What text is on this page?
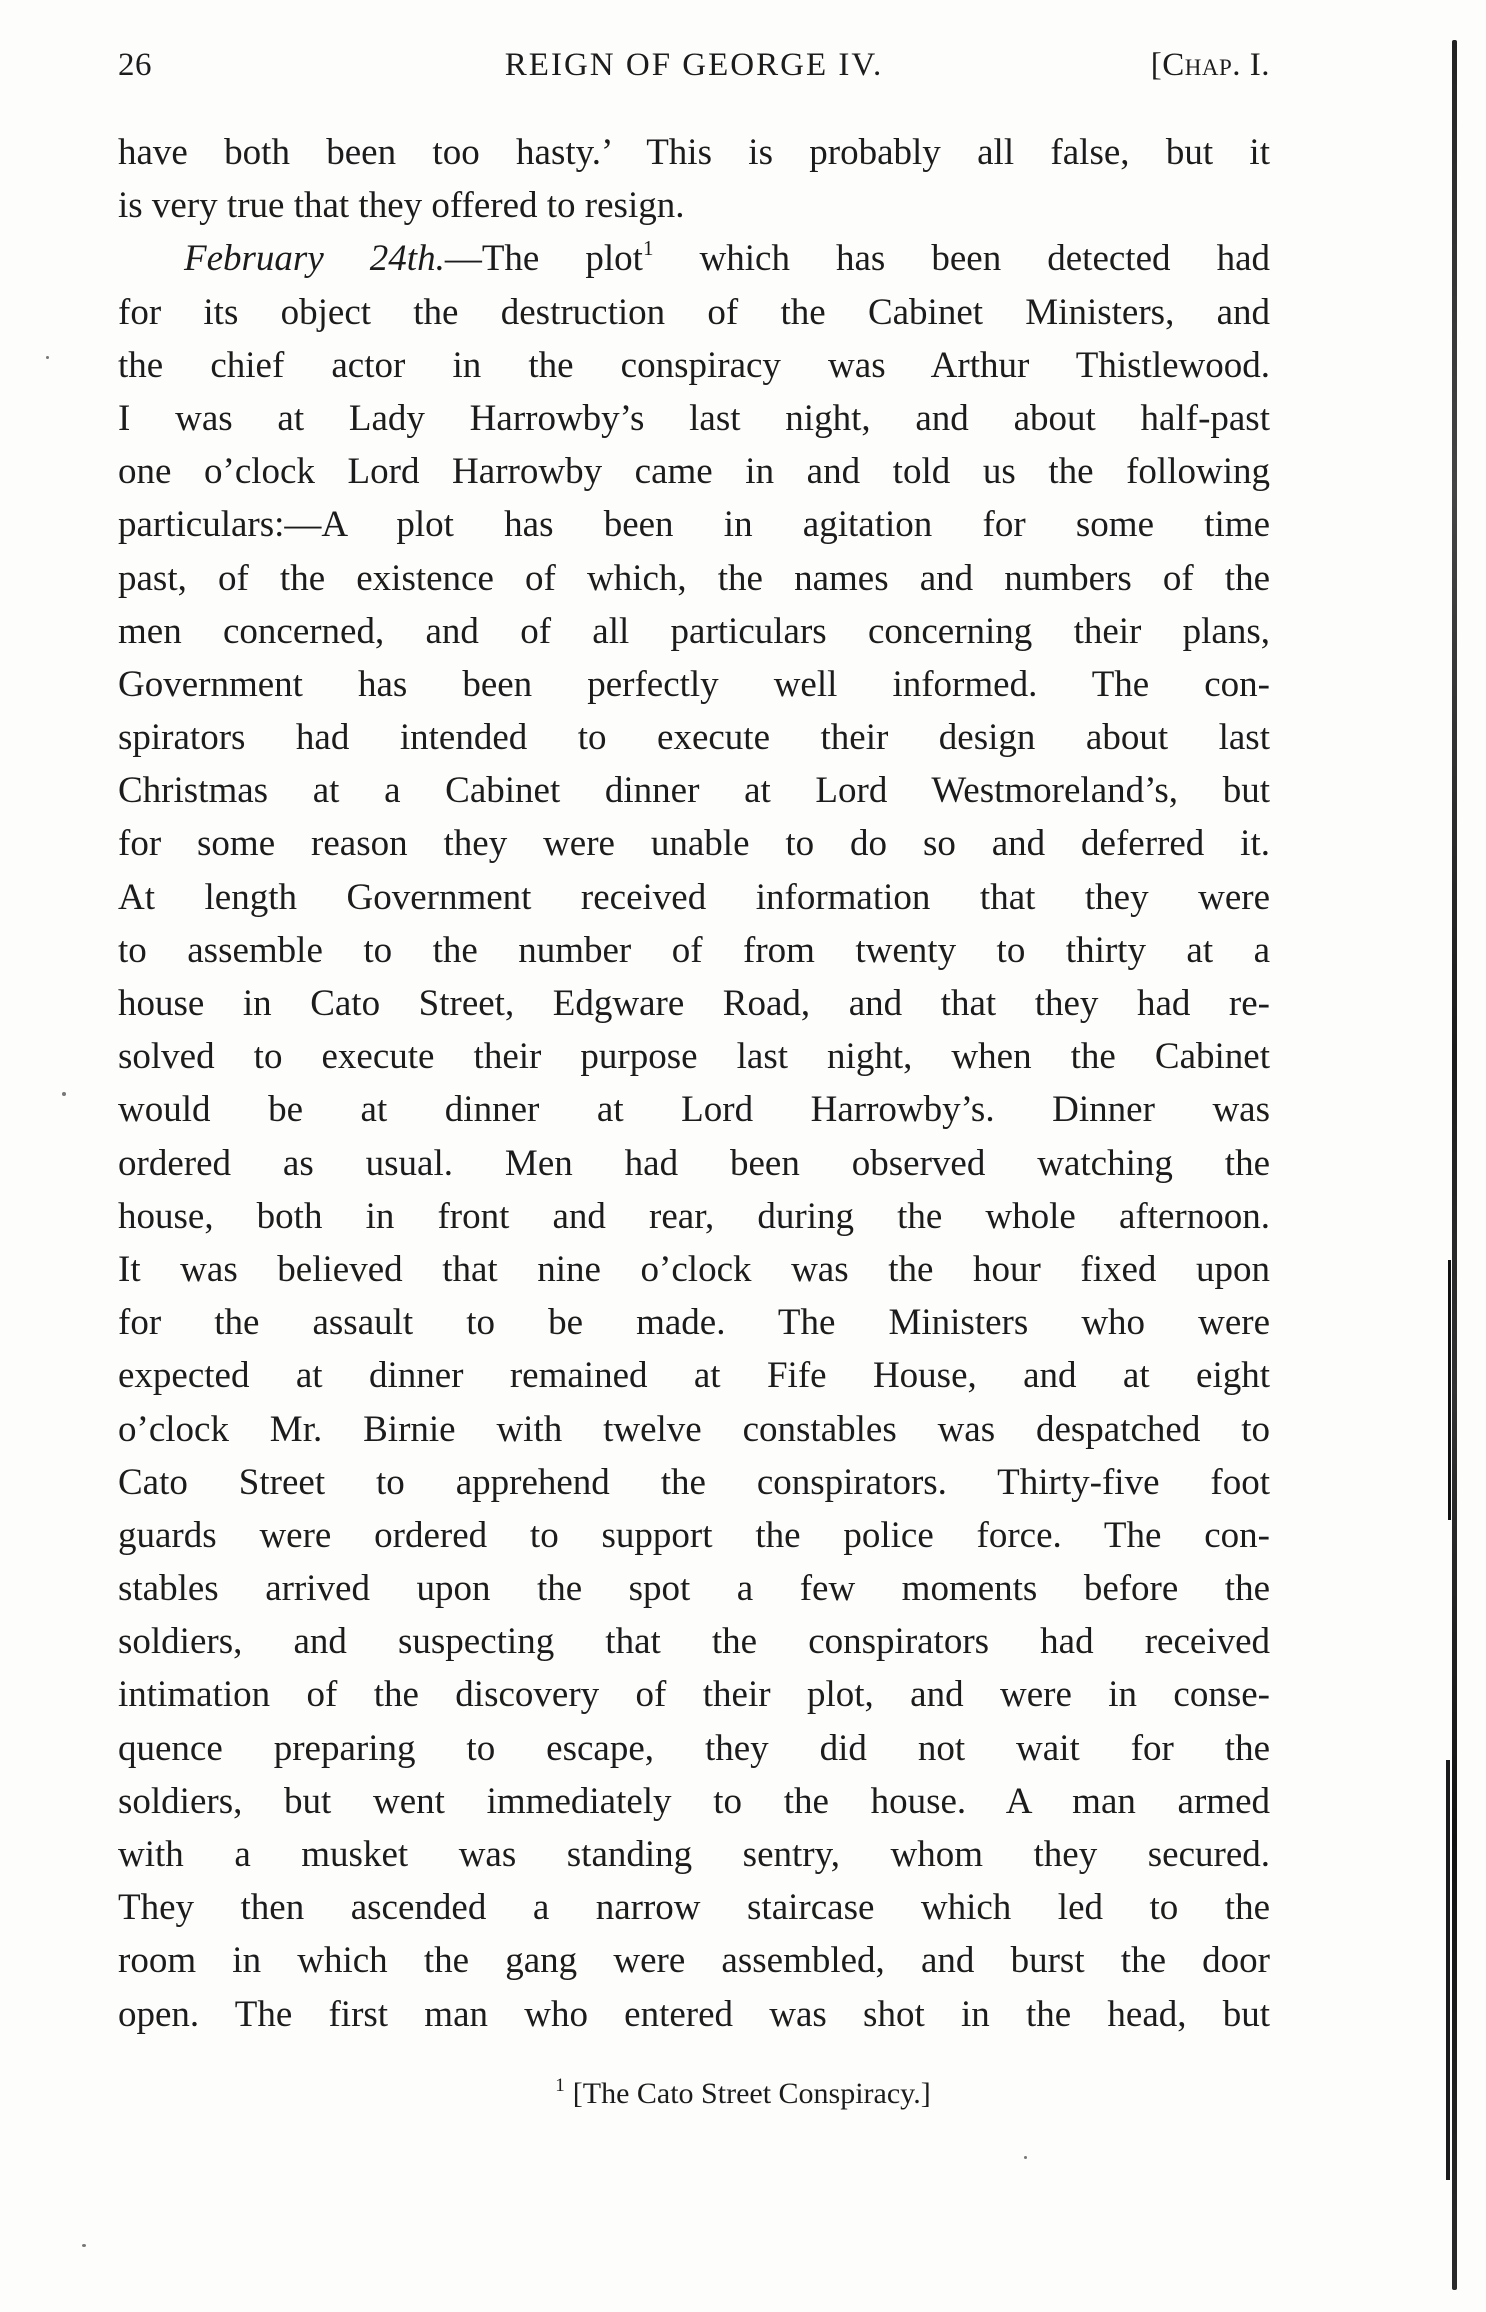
26	REIGN OF GEORGE IV.	[Chap. I.
have both been too hasty.’ This is probably all false, but it
is very true that they offered to resign.
February 24th.—The plot$^1$ which has been detected had
for its object the destruction of the Cabinet Ministers, and
the chief actor in the conspiracy was Arthur Thistlewood.
I was at Lady Harrowby’s last night, and about half-past
one o’clock Lord Harrowby came in and told us the following
particulars:—A plot has been in agitation for some time
past, of the existence of which, the names and numbers of the
men concerned, and of all particulars concerning their plans,
Government has been perfectly well informed. The con-
spirators had intended to execute their design about last
Christmas at a Cabinet dinner at Lord Westmoreland’s, but
for some reason they were unable to do so and deferred it.
At length Government received information that they were
to assemble to the number of from twenty to thirty at a
house in Cato Street, Edgware Road, and that they had re-
solved to execute their purpose last night, when the Cabinet
would be at dinner at Lord Harrowby’s. Dinner was
ordered as usual. Men had been observed watching the
house, both in front and rear, during the whole afternoon.
It was believed that nine o’clock was the hour fixed upon
for the assault to be made. The Ministers who were
expected at dinner remained at Fife House, and at eight
o’clock Mr. Birnie with twelve constables was despatched to
Cato Street to apprehend the conspirators. Thirty-five foot
guards were ordered to support the police force. The con-
stables arrived upon the spot a few moments before the
soldiers, and suspecting that the conspirators had received
intimation of the discovery of their plot, and were in conse-
quence preparing to escape, they did not wait for the
soldiers, but went immediately to the house. A man armed
with a musket was standing sentry, whom they secured.
They then ascended a narrow staircase which led to the
room in which the gang were assembled, and burst the door
open. The first man who entered was shot in the head, but
$^1$ [The Cato Street Conspiracy.]
